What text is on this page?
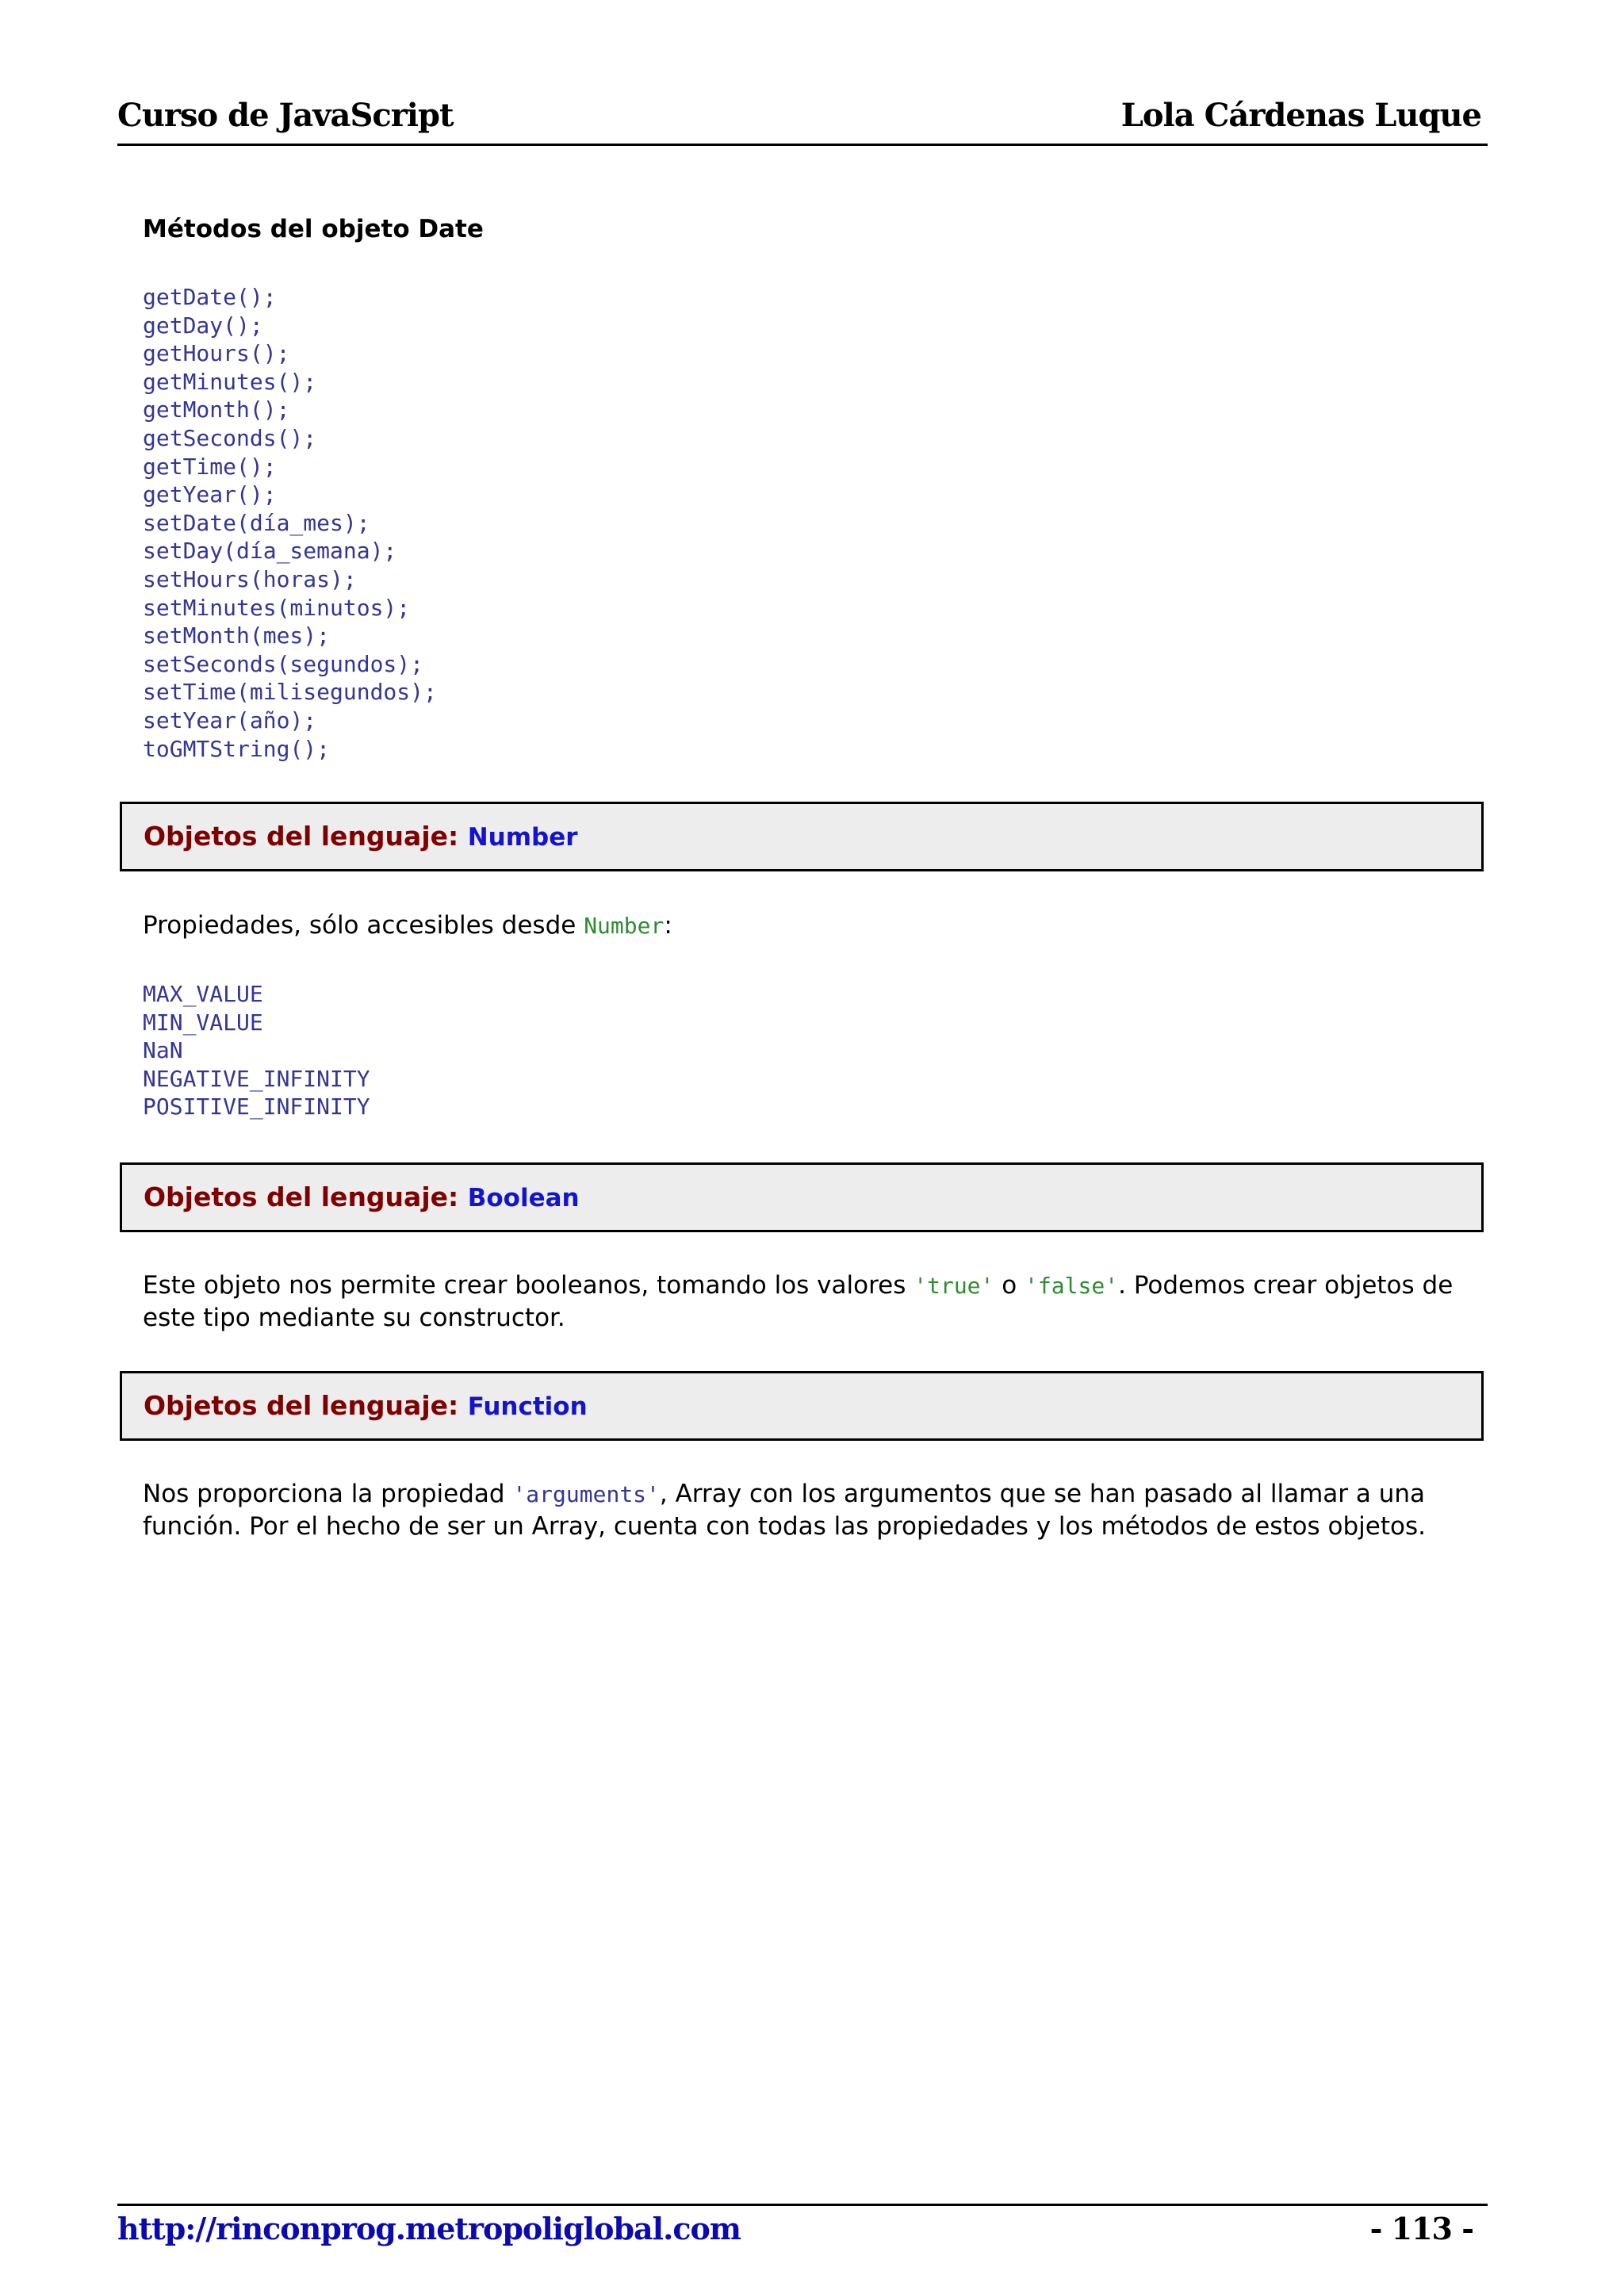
Curso de JavaScript	Lola Cárdenas Luque
Métodos del objeto Date
getDate();
getDay();
getHours();
getMinutes();
getMonth();
getSeconds();
getTime();
getYear();
setDate(día_mes);
setDay(día_semana);
setHours(horas);
setMinutes(minutos);
setMonth(mes);
setSeconds(segundos);
setTime(milisegundos);
setYear(año);
toGMTString();
Objetos del lenguaje: Number

Propiedades, sólo accesibles desde Number:

MAX_VALUE
MIN_VALUE
NaN
NEGATIVE_INFINITY
POSITIVE_INFINITY
Objetos del lenguaje: Boolean

Este objeto nos permite crear booleanos, tomando los valores 'true' o 'false'. Podemos crear objetos de este tipo mediante su constructor.

Objetos del lenguaje: Function

Nos proporciona la propiedad 'arguments', Array con los argumentos que se han pasado al llamar a una función. Por el hecho de ser un Array, cuenta con todas las propiedades y los métodos de estos objetos.

http://rinconprog.metropoliglobal.com	- 113 -
